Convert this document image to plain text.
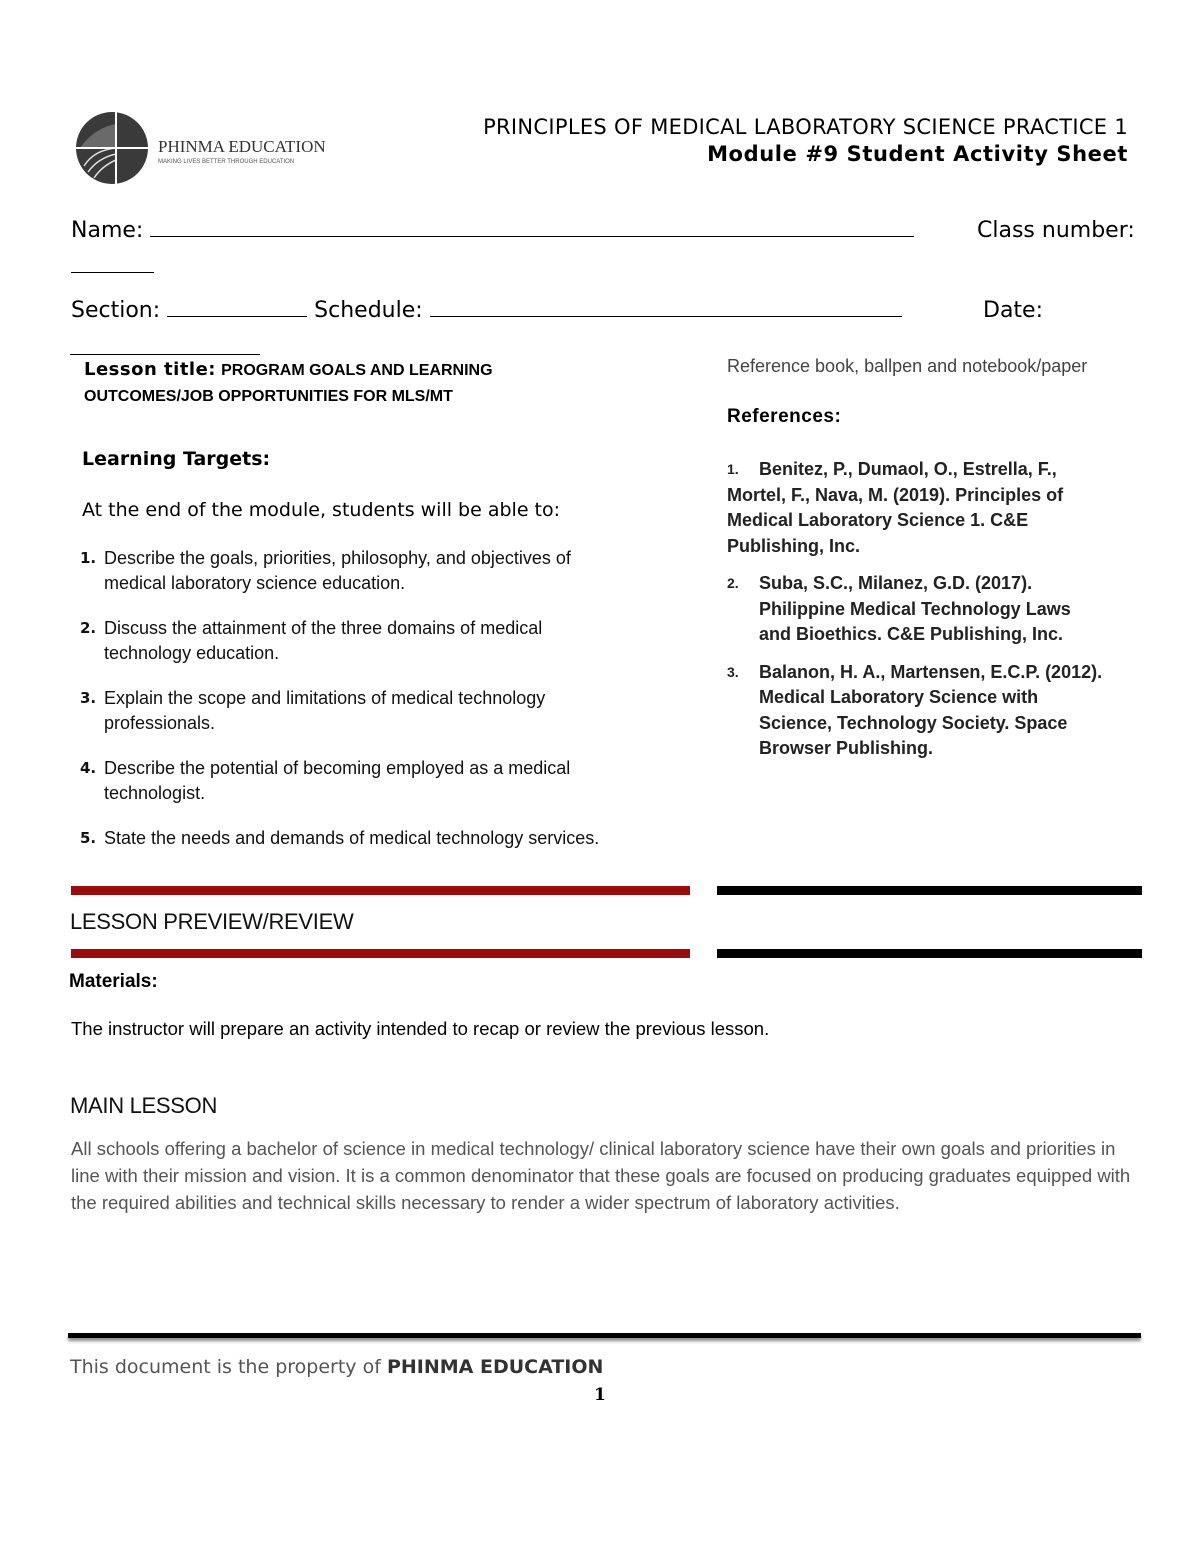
PHINMA EDUCATION
MAKING LIVES BETTER THROUGH EDUCATION
PRINCIPLES OF MEDICAL LABORATORY SCIENCE PRACTICE 1
Module #9 Student Activity Sheet
Name:	Class number:
Section:	Schedule:	Date:
Lesson title: PROGRAM GOALS AND LEARNING OUTCOMES/JOB OPPORTUNITIES FOR MLS/MT
Learning Targets:
At the end of the module, students will be able to:
1. Describe the goals, priorities, philosophy, and objectives of medical laboratory science education.
2. Discuss the attainment of the three domains of medical technology education.
3. Explain the scope and limitations of medical technology professionals.
4. Describe the potential of becoming employed as a medical technologist.
5. State the needs and demands of medical technology services.
Reference book, ballpen and notebook/paper
References:
1.	Benitez, P., Dumaol, O., Estrella, F., Mortel, F., Nava, M. (2019). Principles of Medical Laboratory Science 1. C&E Publishing, Inc.
2.	Suba, S.C., Milanez, G.D. (2017). Philippine Medical Technology Laws and Bioethics. C&E Publishing, Inc.
3.	Balanon, H. A., Martensen, E.C.P. (2012). Medical Laboratory Science with Science, Technology Society. Space Browser Publishing.
LESSON PREVIEW/REVIEW
Materials:
The instructor will prepare an activity intended to recap or review the previous lesson.
MAIN LESSON
All schools offering a bachelor of science in medical technology/ clinical laboratory science have their own goals and priorities in line with their mission and vision. It is a common denominator that these goals are focused on producing graduates equipped with the required abilities and technical skills necessary to render a wider spectrum of laboratory activities.
This document is the property of PHINMA EDUCATION
1
